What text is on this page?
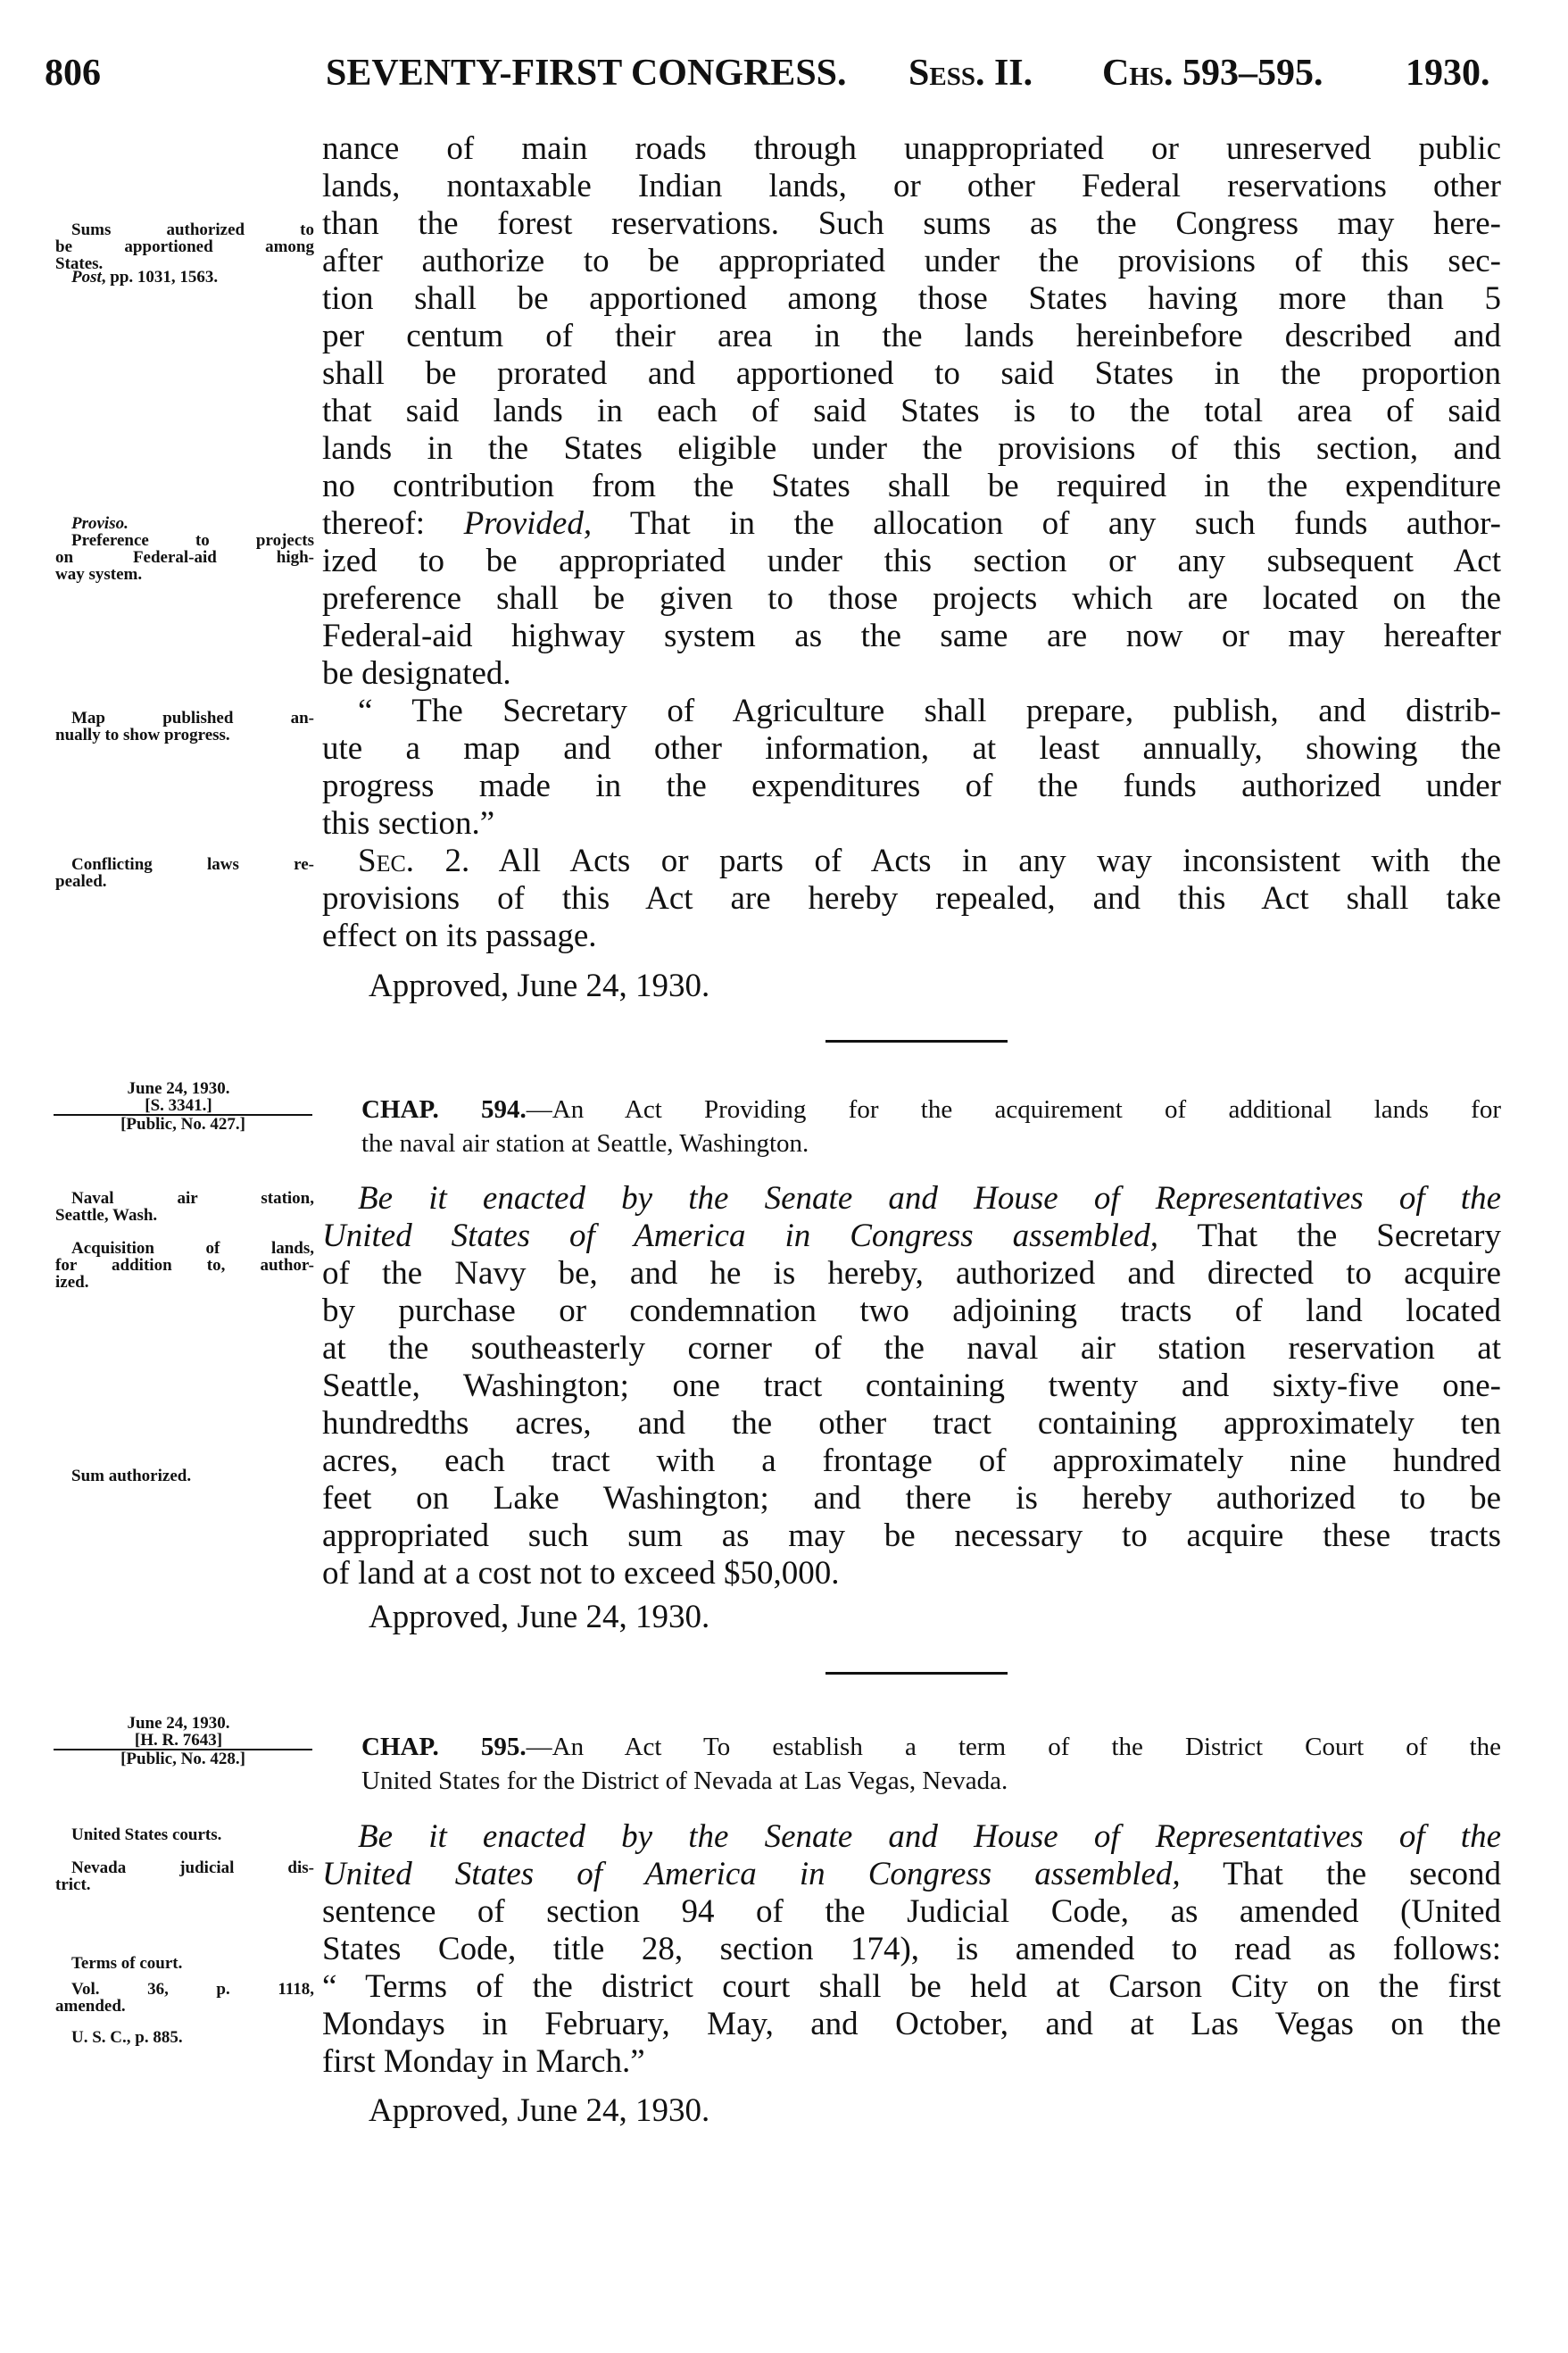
806	SEVENTY-FIRST CONGRESS. Sess. II. Chs. 593–595. 1930.
nance of main roads through unappropriated or unreserved public
lands, nontaxable Indian lands, or other Federal reservations other
than the forest reservations. Such sums as the Congress may here-
after authorize to be appropriated under the provisions of this sec-
tion shall be apportioned among those States having more than 5
per centum of their area in the lands hereinbefore described and
shall be prorated and apportioned to said States in the proportion
that said lands in each of said States is to the total area of said
lands in the States eligible under the provisions of this section, and
no contribution from the States shall be required in the expenditure
thereof: Provided, That in the allocation of any such funds author-
ized to be appropriated under this section or any subsequent Act
preference shall be given to those projects which are located on the
Federal-aid highway system as the same are now or may hereafter
be designated.
“ The Secretary of Agriculture shall prepare, publish, and distrib-
ute a map and other information, at least annually, showing the
progress made in the expenditures of the funds authorized under
this section.”
Sec. 2. All Acts or parts of Acts in any way inconsistent with the
provisions of this Act are hereby repealed, and this Act shall take
effect on its passage.
Approved, June 24, 1930.
June 24, 1930.
[S. 3341.]
[Public, No. 427.]
CHAP. 594.—An Act Providing for the acquirement of additional lands for
the naval air station at Seattle, Washington.
Be it enacted by the Senate and House of Representatives of the
United States of America in Congress assembled, That the Secretary
of the Navy be, and he is hereby, authorized and directed to acquire
by purchase or condemnation two adjoining tracts of land located
at the southeasterly corner of the naval air station reservation at
Seattle, Washington; one tract containing twenty and sixty-five one-
hundredths acres, and the other tract containing approximately ten
acres, each tract with a frontage of approximately nine hundred
feet on Lake Washington; and there is hereby authorized to be
appropriated such sum as may be necessary to acquire these tracts
of land at a cost not to exceed $50,000.
Approved, June 24, 1930.
June 24, 1930.
[H. R. 7643]
[Public, No. 428.]	CHAP. 595.—An Act To establish a term of the District Court of the
United States for the District of Nevada at Las Vegas, Nevada.
Be it enacted by the Senate and House of Representatives of the
United States of America in Congress assembled, That the second
sentence of section 94 of the Judicial Code, as amended (United
States Code, title 28, section 174), is amended to read as follows:
“ Terms of the district court shall be held at Carson City on the first
Mondays in February, May, and October, and at Las Vegas on the
first Monday in March.”
Approved, June 24, 1930.
Sums authorized to
be apportioned among
States.
Post, pp. 1031, 1563.
Proviso.
Preference to projects
on Federal-aid high-
way system.
Map published an-
nually to show progress.
Conflicting laws re-
pealed.
Naval air station,
Seattle, Wash.
Acquisition of lands,
for addition to, author-
ized.
Sum authorized.
United States courts.
Nevada judicial dis-
trict.
Terms of court.
Vol. 36, p. 1118,
amended.
U. S. C., p. 885.
